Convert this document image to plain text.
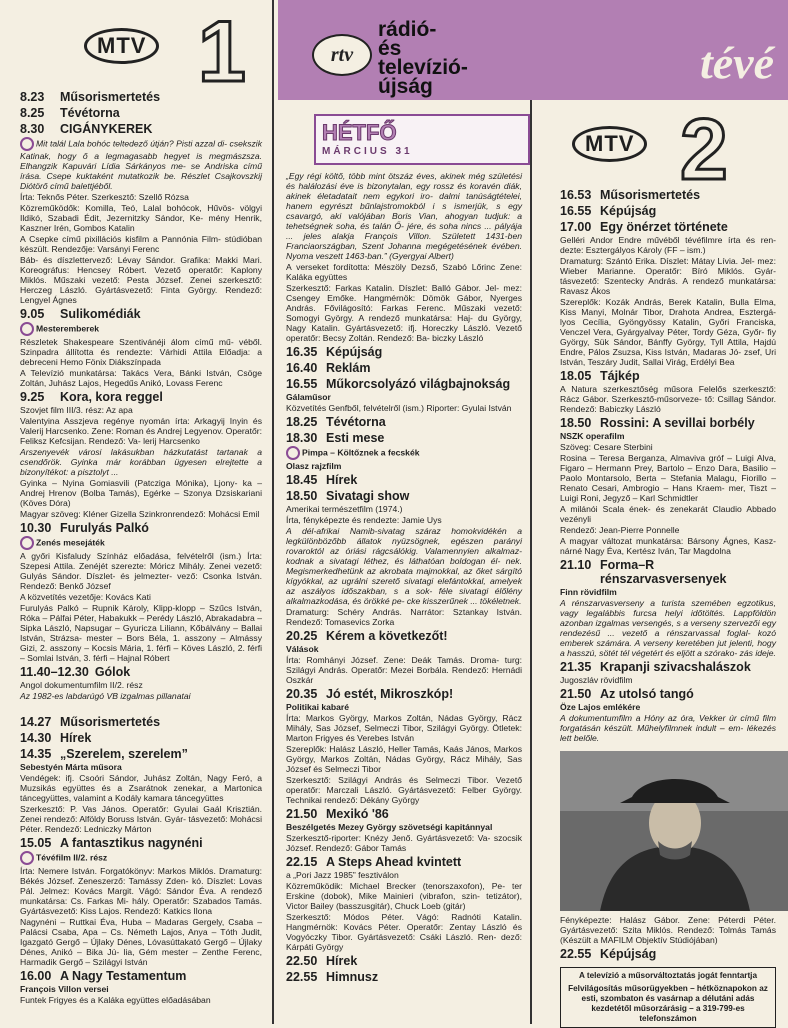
rtv
rádió-
és
televízió-
újság	tévé
MTV 1
8.23	Műsorismertetés
8.25	Tévétorna
8.30	CIGÁNYKEREK
Mit talál Lala bohóc teltedező útján? Pisti azzal di- csekszik Katinak, hogy ő a legmagasabb hegyet is megmászsza. Elhangzik Kapuvári Lídia Sárkányos me- se Andriska című írása. Csepe kuktaként mutatkozik be. Részlet Csajkovszkij Diótörő című balettjéből.
Írta: Teknős Péter. Szerkesztő: Szellő Rózsa
Közreműködők: Komilla, Teó, Lalal bohócok, Hűvös- völgyi Ildikó, Szabadi Édit, Jezernitzky Sándor, Ke- mény Henrik, Kaszner Irén, Gombos Katalin
A Csepke című pixillációs kisfilm a Pannónia Film- stúdióban készült. Rendezője: Varsányi Ferenc
Báb- és díszlettervező: Lévay Sándor. Grafika: Makki Mari. Koreográfus: Hencsey Róbert. Vezető operatőr: Kaplony Miklós. Műszaki vezető: Pesta József. Zenei szerkesztő: Herczeg László. Gyártásvezető: Finta György. Rendező: Lengyel Ágnes
9.05	Sulikomédiák
Mesteremberek
Részletek Shakespeare Szentivánéji álom című mű- véből. Szinpadra állította és rendezte: Várhidi Attila Előadja: a debreceni Hemo Fönix Diákszínpada
A Televízió munkatársa: Takács Vera, Bánki István, Csöge Zoltán, Juhász Lajos, Hegedűs Anikó, Lovass Ferenc
9.25	Kora, kora reggel
Szovjet film III/3. rész: Az apa
Valentyina Asszjeva regénye nyomán írta: Arkagyij Inyin és Valerij Harcsenko. Zene: Roman és Andrej Legyenov. Operatőr: Feliksz Kefcsijan. Rendező: Va- lerij Harcsenko
Arszenyevék városi lakásukban házkutatást tartanak a csendőrök. Gyinka már korábban ügyesen elrejtette a bizonyítékot: a pisztolyt ...
Gyinka – Nyina Gomiasvili (Patcziga Mónika), Ljony- ka – Andrej Hrenov (Bolba Tamás), Egérke – Szonya Dzsiskariani (Köves Dóra)
Magyar szöveg: Kléner Gizella Szinkronrendező: Mohácsi Emil
10.30 Furulyás Palkó
Zenés mesejáték
A győri Kisfaludy Színház előadása, felvételről (ism.) Írta: Szepesi Attila. Zenéjét szerezte: Móricz Mihály. Zenei vezető: Gulyás Sándor. Díszlet- és jelmezter- vező: Csonka István. Rendező: Benkő József
A közvetítés vezetője: Kovács Kati
Furulyás Palkó – Rupnik Károly, Klipp-klopp – Szűcs István, Róka – Pálfai Péter, Habakukk – Perédy László, Abrakadabra – Sipka László, Napsugar – Gyuricza Liliann, Kőbálvány – Ballai István, Strázsa- mester – Bors Béla, 1. asszony – Almássy Gizi, 2. asszony – Kocsis Mária, 1. férfi – Köves László, 2. férfi – Somlai István, 3. férfi – Hajnal Róbert
11.40–12.30 Gólok
Angol dokumentumfilm II/2. rész
Az 1982-es labdarúgó VB izgalmas pillanatai
14.27 Műsorismertetés
14.30 Hírek
14.35 „Szerelem, szerelem”
Sebestyén Márta műsora
Vendégek: ifj. Csoóri Sándor, Juhász Zoltán, Nagy Feró, a Muzsikás együttes és a Zsarátnok zenekar, a Martonica táncegyüttes, valamint a Kodály kamara táncegyüttes
Szerkesztő: P. Vas János. Operatőr: Gyulai Gaál Krisztián. Zenei rendező: Alföldy Boruss István. Gyár- tásvezető: Mohácsi Péter. Rendező: Ledniczky Márton
15.05 A fantasztikus nagynéni
Tévéfilm II/2. rész
Írta: Nemere István. Forgatókönyv: Markos Miklós. Dramaturg: Békés József. Zeneszerző: Tamássy Zden- kó. Díszlet: Lovas Pál. Jelmez: Kovács Margit. Vágó: Sándor Éva. A rendező munkatársa: Cs. Farkas Mi- hály. Operatőr: Szabados Tamás. Gyártásvezető: Kiss Lajos. Rendező: Katkics Ilona
Nagynéni – Ruttkai Éva, Huba – Madaras Gergely, Csaba – Palácsi Csaba, Apa – Cs. Németh Lajos, Anya – Tóth Judit, Igazgató Gergő – Újlaky Dénes, Lóvasúttakató Gergő – Újlaky Dénes, Anikó – Bika Jú- lia, Gém mester – Zenthe Ferenc, Harmadik Gergő – Szilágyi István
16.00 A Nagy Testamentum
François Villon versei
Funtek Frigyes és a Kaláka együttes előadásában
HÉTFŐ
MÁRCIUS 31
„Egy régi költő, több mint ötszáz éves, akinek még születési és halálozási éve is bizonytalan, egy rossz és koravén diák, akinek életadatait nem egykori iro- dalmi tanúságtételei, hanem egyrészt bűnlajstromokból i s ismerjük, s egy csavargó, aki valójában Boris Vian, ahogyan tudjuk: a tehetségnek soha, és talán Ő- jére, és soha nincs ... pályája ... jeles alakja François Villon. Született 1431-ben Franciaországban, Szent Johanna megégetésének évében. Nyoma veszett 1463-ban.” (Gyergyai Albert)
A verseket fordította: Mészöly Dezső, Szabó Lőrinc Zene: Kaláka együttes
Szerkesztő: Farkas Katalin. Díszlet: Balló Gábor. Jel- mez: Csengey Emőke. Hangmérnök: Dömök Gábor, Nyerges András. Fővilágosító: Farkas Ferenc. Műszaki vezető: Somogyi György. A rendező munkatársa: Haj- du György, Nagy Katalin. Gyártásvezető: ifj. Horeczky László. Vezető operatőr: Becsy Zoltán. Rendező: Ba- biczky László
16.35 Képújság
16.40 Reklám
16.55 Műkorcsolyázó világbajnokság
Gálaműsor
Közvetítés Genfből, felvételről (ism.) Riporter: Gyulai István
18.25 Tévétorna
18.30 Esti mese
Pimpa – Költőznek a fecskék
Olasz rajzfilm
18.45 Hírek
18.50 Sivatagi show
Amerikai természetfilm (1974.)
Írta, fényképezte és rendezte: Jamie Uys
A dél-afrikai Namib-sivatag száraz homokvidékén a legkülönbözőbb állatok nyüzsögnek, egészen parányi rovaroktól az óriási rágcsálókig. Valamennyien alkalmaz- kodnak a sivatagi léthez, és láthatóan boldogan él- nek. Megismerkedhetünk az akrobata majmokkal, az őket sárgító kígyókkal, az ugrálni szerető sivatagi elefántokkal, amelyek az aszályos időszakban, s a sok- féle sivatagi élőlény alkalmazkodása, és örökké pe- cke kisszerűnek ... tökéletnek.
Dramaturg: Schéry András. Narrátor: Sztankay István. Rendező: Tomasevics Zorka
20.25 Kérem a következőt!
Válások
Írta: Romhányi József. Zene: Deák Tamás. Droma- turg: Szilágyi András. Operatőr: Mezei Borbála. Rendező: Hernádi Oszkár
20.35 Jó estét, Mikroszkóp!
Politikai kabaré
Írta: Markos György, Markos Zoltán, Nádas György, Rácz Mihály, Sas József, Selmeczi Tibor, Szilágyi György. Ötletek: Marton Frigyes és Verebes István
Szereplők: Halász László, Heller Tamás, Kaás János, Markos György, Markos Zoltán, Nádas György, Rácz Mihály, Sas József és Selmeczi Tibor
Szerkesztő: Szilágyi András és Selmeczi Tibor. Vezető operatőr: Marczali László. Gyártásvezető: Felber György. Technikai rendező: Dékány György
21.50 Mexikó '86
Beszélgetés Mezey György szövetségi kapitánnyal
Szerkesztő-riporter: Knézy Jenő. Gyártásvezető: Va- szocsik József. Rendező: Gábor Tamás
22.15 A Steps Ahead kvintett
a „Pori Jazz 1985” fesztiválon
Közreműködik: Michael Brecker (tenorszaxofon), Pe- ter Erskine (dobok), Mike Mainieri (vibrafon, szin- tetizátor), Victor Bailey (basszusgitár), Chuck Loeb (gitár)
Szerkesztő: Módos Péter. Vágó: Radnóti Katalin. Hangmérnök: Kovács Péter. Operatőr: Zentay László és Vogyóczky Tibor. Gyártásvezető: Csáki László. Ren- dező: Kárpáti György
22.50 Hírek
22.55 Himnusz
MTV 2
16.53 Műsorismertetés
16.55 Képújság
17.00 Egy önérzet története
Gelléri Andor Endre művéből tévéfilmre írta és ren- dezte: Esztergályos Károly (FF – ism.)
Dramaturg: Szántó Erika. Díszlet: Mátay Lívia. Jel- mez: Wieber Marianne. Operatőr: Bíró Miklós. Gyár- tásvezető: Szentecky András. A rendező munkatársa: Ravasz Ákos
Szereplők: Kozák András, Berek Katalin, Bulla Elma, Kiss Manyi, Molnár Tibor, Drahota Andrea, Esztergá- lyos Cecília, Gyöngyössy Katalin, Győri Franciska, Venczel Vera, Gyárgyalvay Péter, Tordy Géza, Győr- fiy György, Sük Sándor, Bánffy György, Tyll Attila, Hajdú Endre, Pálos Zsuzsa, Kiss István, Madaras Jó- zsef, Uri István, Teszáry Judit, Sallai Virág, Erdélyi Bea
18.05 Tájkép
A Natura szerkesztőség műsora Felelős szerkesztő: Rácz Gábor. Szerkesztő-műsorveze- tő: Csillag Sándor. Rendező: Babiczky László
18.50 Rossini: A sevillai borbély
NSZK operafilm
Szöveg: Cesare Sterbini
Rosina – Teresa Berganza, Almaviva gróf – Luigi Alva, Figaro – Hermann Prey, Bartolo – Enzo Dara, Basilio – Paolo Montarsolo, Berta – Stefania Malagu, Fiorillo – Renato Cesari, Ambrogio – Hans Kraem- mer, Tiszt – Luigi Roni, Jegyző – Karl Schmidtler
A milánói Scala ének- és zenekarát Claudio Abbado vezényli
Rendező: Jean-Pierre Ponnelle
A magyar változat munkatársa: Bársony Ágnes, Kasz- nárné Nagy Éva, Kertész Iván, Tar Magdolna
21.10 Forma–R rénszarvasversenyek
Finn rövidfilm
A rénszarvasverseny a turista szemében egzotikus, vagy legalábbis furcsa helyi időtöltés. Lappföldön azonban izgalmas versengés, s a verseny szervezői egy rendezésű ... vezető a rénszarvassal foglal- kozó emberek számára. A verseny keretében jut jelenti, hogy a hasszú, sötét tél végetért és eljött a szórako- zás ideje.
21.35 Krapanji szivacshalászok
Jugoszláv rövidfilm
21.50 Az utolsó tangó
Öze Lajos emlékére
A dokumentumfilm a Hóny az óra, Vekker úr című film forgatásán készült. Műhelyfilmnek indult – em- lékezés lett belőle.
Fényképezte: Halász Gábor. Zene: Péterdi Péter. Gyártásvezető: Szita Miklós. Rendező: Tolmás Tamás (Készült a MAFILM Objektív Stúdiójában)
22.55 Képújság
A televízió a műsorváltoztatás jogát fenntartja
Felvilágosítás műsorügyekben – hétköznapokon az esti, szombaton és vasárnap a délutáni adás kezdetétől műsorzárásig – a 319-799-es telefonszámon
